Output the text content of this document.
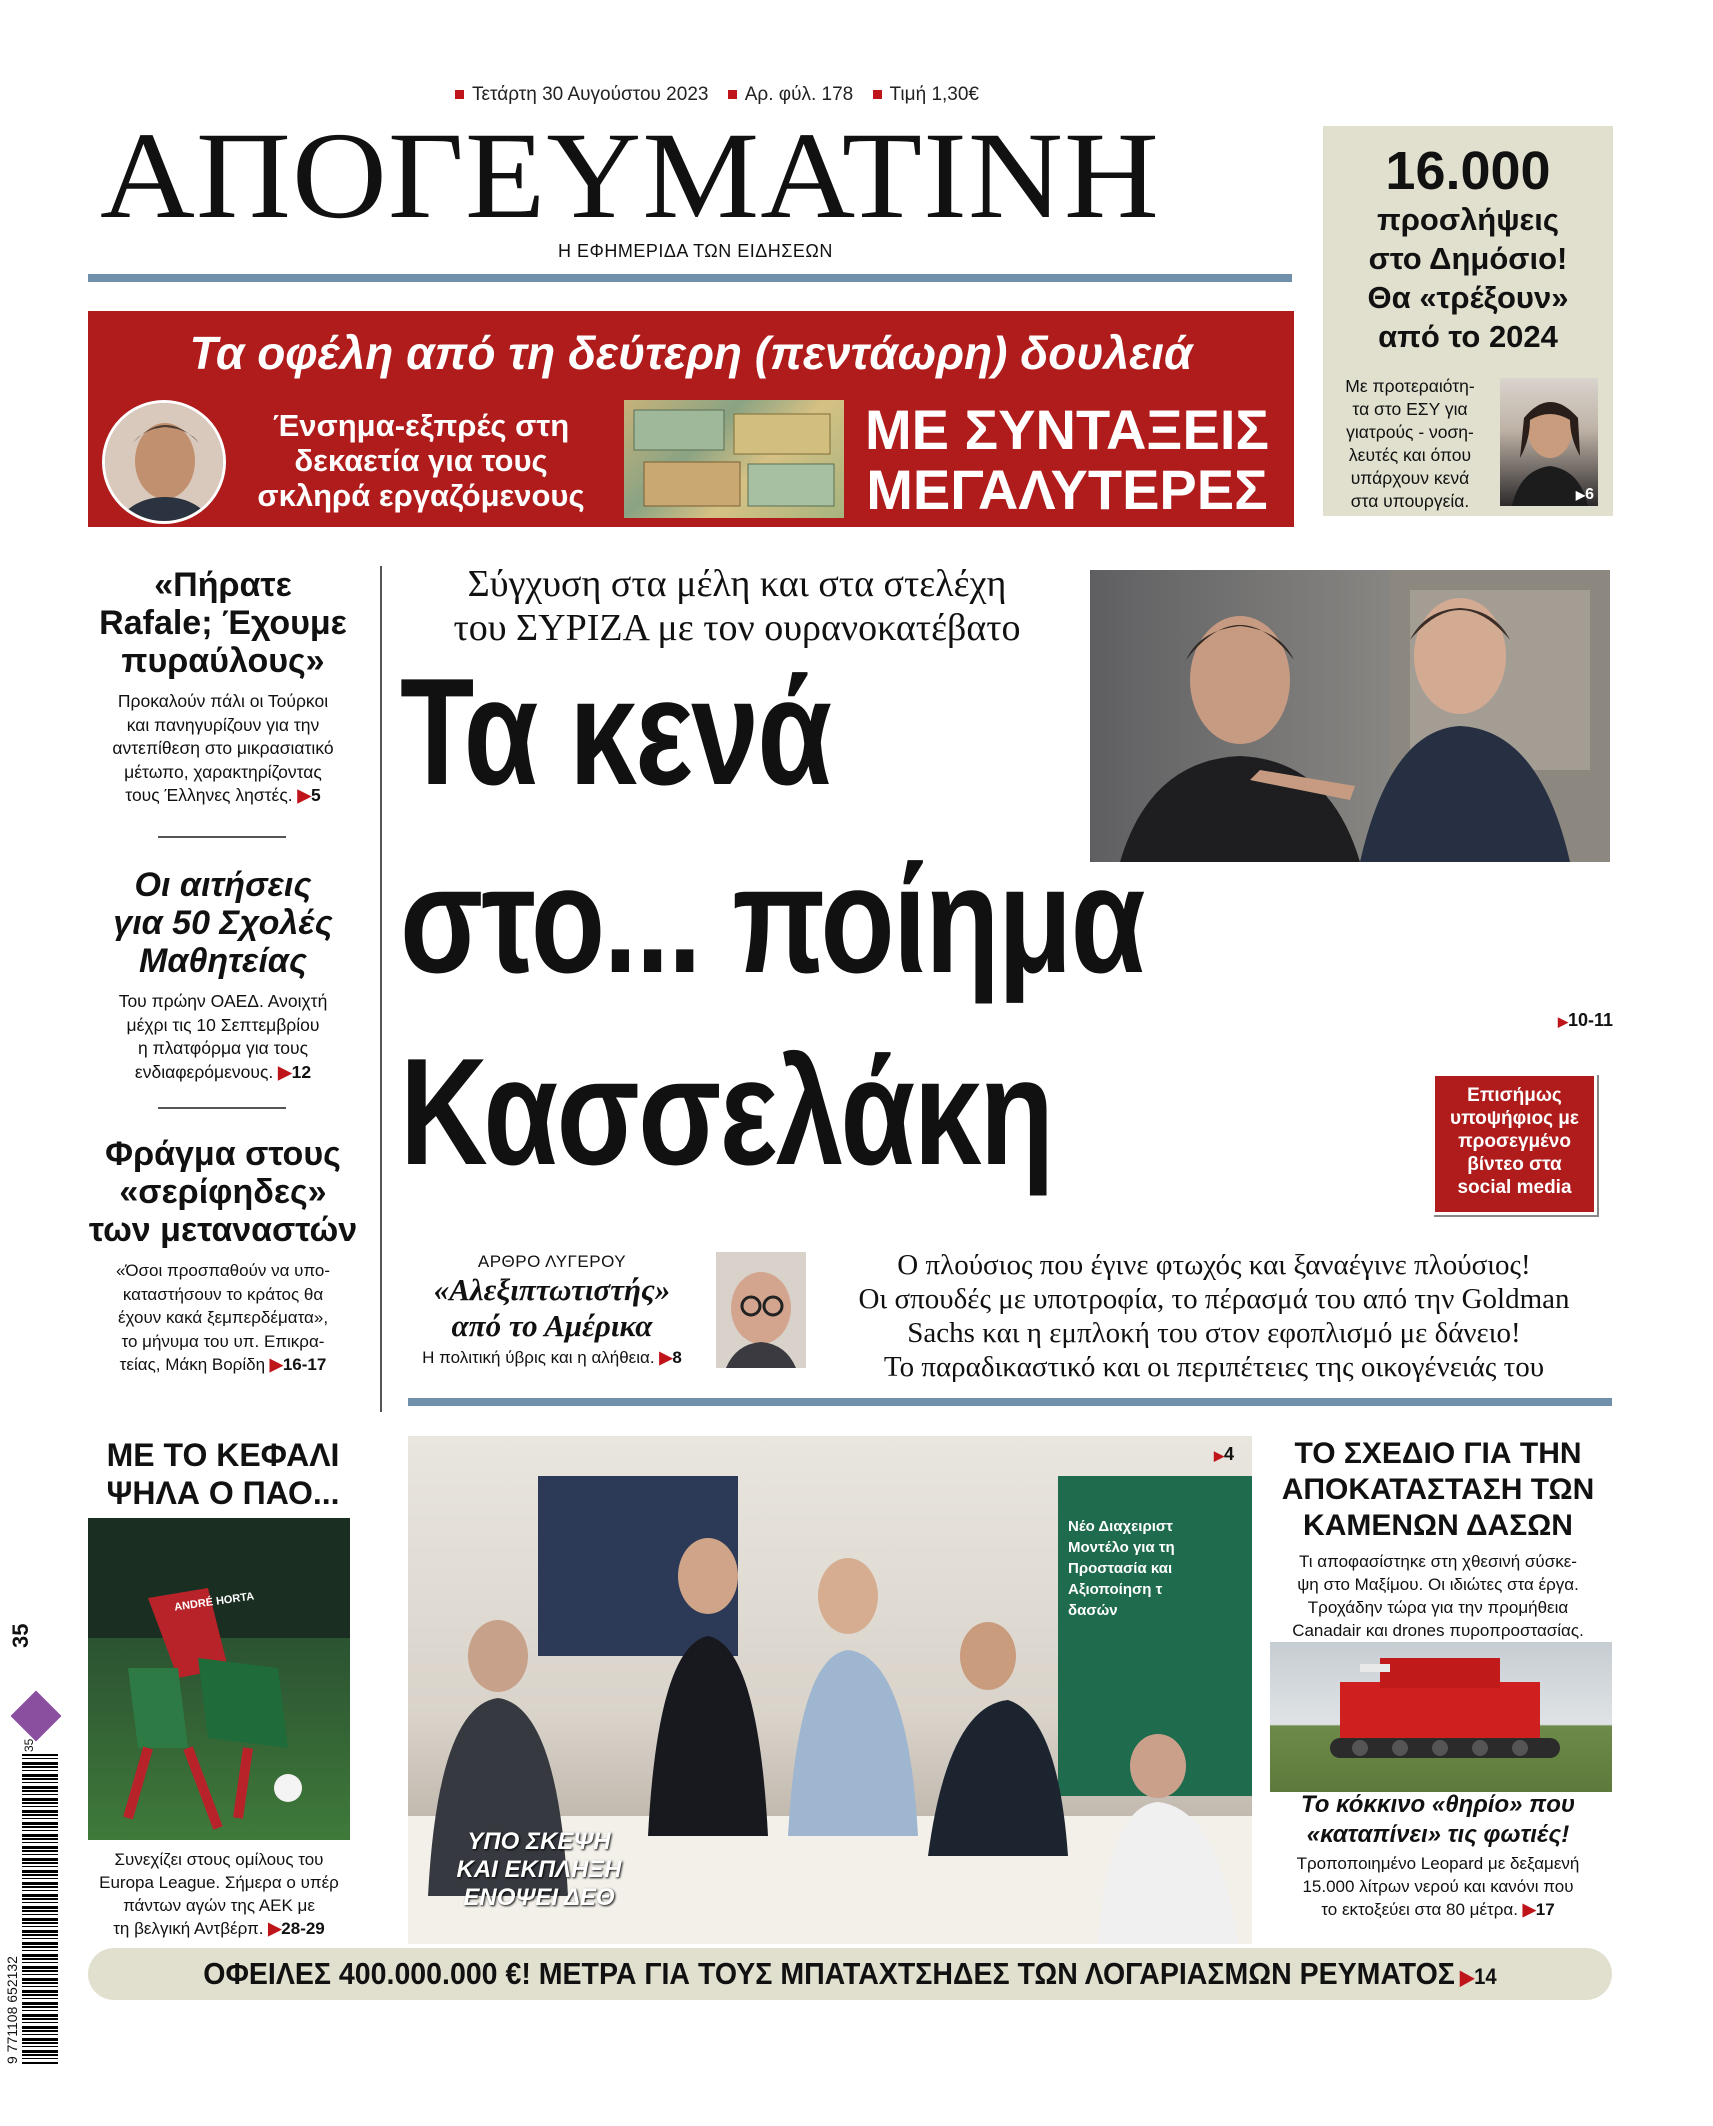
Τετάρτη 30 Αυγούστου 2023 Αρ. φύλ. 178 Τιμή 1,30€
ΑΠΟΓΕΥΜΑΤΙΝΗ
Η ΕΦΗΜΕΡΙΔΑ ΤΩΝ ΕΙΔΗΣΕΩΝ
16.000
προσλήψεις
στο Δημόσιο!
Θα «τρέξουν»
από το 2024
Με προτεραιότη-
τα στο ΕΣΥ για
γιατρούς - νοση-
λευτές και όπου
υπάρχουν κενά
στα υπουργεία.	▶6
Τα οφέλη από τη δεύτερη (πεντάωρη) δουλειά
Ένσημα-εξπρές στη
δεκαετία για τους
σκληρά εργαζόμενους
ΜΕ ΣΥΝΤΑΞΕΙΣ
ΜΕΓΑΛΥΤΕΡΕΣ
«Πήρατε
Rafale; Έχουμε
πυραύλους»
Προκαλούν πάλι οι Τούρκοι
και πανηγυρίζουν για την
αντεπίθεση στο μικρασιατικό
μέτωπο, χαρακτηρίζοντας
τους Έλληνες ληστές. ▶5
Οι αιτήσεις
για 50 Σχολές
Μαθητείας
Του πρώην ΟΑΕΔ. Ανοιχτή
μέχρι τις 10 Σεπτεμβρίου
η πλατφόρμα για τους
ενδιαφερόμενους. ▶12
Φράγμα στους
«σερίφηδες»
των μεταναστών
«Όσοι προσπαθούν να υπο-
καταστήσουν το κράτος θα
έχουν κακά ξεμπερδέματα»,
το μήνυμα του υπ. Επικρα-
τείας, Μάκη Βορίδη ▶16-17
Σύγχυση στα μέλη και στα στελέχη
του ΣΥΡΙΖΑ με τον ουρανοκατέβατο
Τα κενά
στο... ποίημα
▶10-11
Κασσελάκη	Επισήμως
υποψήφιος με
προσεγμένο
βίντεο στα
social media
ΑΡΘΡΟ ΛΥΓΕΡΟΥ
«Αλεξιπτωτιστής»
από το Αμέρικα
Η πολιτική ύβρις και η αλήθεια. ▶8
Ο πλούσιος που έγινε φτωχός και ξαναέγινε πλούσιος!
Οι σπουδές με υποτροφία, το πέρασμά του από την Goldman
Sachs και η εμπλοκή του στον εφοπλισμό με δάνειο!
Το παραδικαστικό και οι περιπέτειες της οικογένειάς του
ΜΕ ΤΟ ΚΕΦΑΛΙ
ΨΗΛΑ Ο ΠΑΟ...
ANDRÉ HORTA
Συνεχίζει στους ομίλους του
Europa League. Σήμερα ο υπέρ
πάντων αγών της ΑΕΚ με
τη βελγική Αντβέρπ. ▶28-29
Νέο Διαχειριστ
Μοντέλο για τη
Προστασία και
Αξιοποίηση τ
δασών
ΥΠΟ ΣΚΕΨΗ
ΚΑΙ ΕΚΠΛΗΞΗ
ΕΝΟΨΕΙ ΔΕΘ
▶4	ΤΟ ΣΧΕΔΙΟ ΓΙΑ ΤΗΝ
ΑΠΟΚΑΤΑΣΤΑΣΗ ΤΩΝ
ΚΑΜΕΝΩΝ ΔΑΣΩΝ
Τι αποφασίστηκε στη χθεσινή σύσκε-
ψη στο Μαξίμου. Οι ιδιώτες στα έργα.
Τροχάδην τώρα για την προμήθεια
Canadair και drones πυροπροστασίας.
Το κόκκινο «θηρίο» που
«καταπίνει» τις φωτιές!
Τροποποιημένο Leopard με δεξαμενή
15.000 λίτρων νερού και κανόνι που
το εκτοξεύει στα 80 μέτρα. ▶17
ΟΦΕΙΛΕΣ 400.000.000 €! ΜΕΤΡΑ ΓΙΑ ΤΟΥΣ ΜΠΑΤΑΧΤΣΗΔΕΣ ΤΩΝ ΛΟΓΑΡΙΑΣΜΩΝ ΡΕΥΜΑΤΟΣ ▶14
35
9 771108 652132
35
